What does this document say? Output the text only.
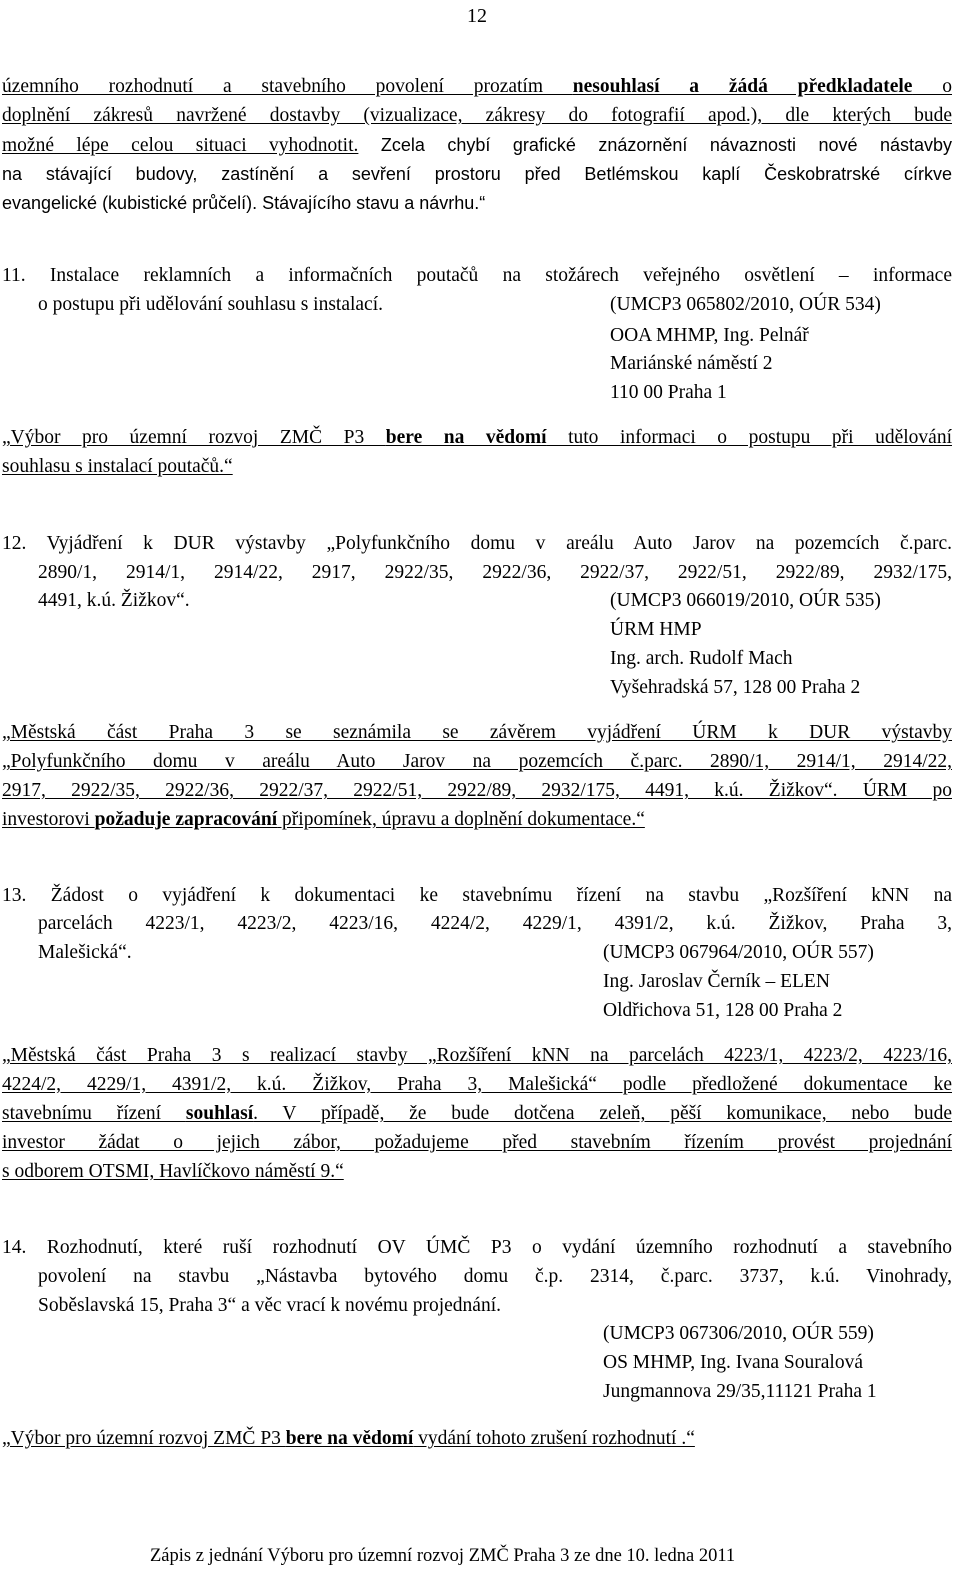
12
územního rozhodnutí a stavebního povolení prozatím nesouhlasí a žádá předkladatele o
doplnění zákresů navržené dostavby (vizualizace, zákresy do fotografií apod.), dle kterých bude
možné lépe celou situaci vyhodnotit. Zcela chybí grafické znázornění návaznosti nové nástavby
na stávající budovy, zastínění a sevření prostoru před Betlémskou kaplí Českobratrské církve
evangelické (kubistické průčelí). Stávajícího stavu a návrhu.“
11. Instalace reklamních a informačních poutačů na stožárech veřejného osvětlení – informace
o postupu při udělování souhlasu s instalací.	(UMCP3 065802/2010, OÚR 534)
OOA MHMP, Ing. Pelnář
Mariánské náměstí 2
110 00 Praha 1
„Výbor pro územní rozvoj ZMČ P3 bere na vědomí tuto informaci o postupu při udělování
souhlasu s instalací poutačů.“
12. Vyjádření k DUR výstavby „Polyfunkčního domu v areálu Auto Jarov na pozemcích č.parc.
2890/1, 2914/1, 2914/22, 2917, 2922/35, 2922/36, 2922/37, 2922/51, 2922/89, 2932/175,
4491, k.ú. Žižkov“.	(UMCP3 066019/2010, OÚR 535)
ÚRM HMP
Ing. arch. Rudolf Mach
Vyšehradská 57, 128 00 Praha 2
„Městská část Praha 3 se seznámila se závěrem vyjádření ÚRM k DUR výstavby
„Polyfunkčního domu v areálu Auto Jarov na pozemcích č.parc. 2890/1, 2914/1, 2914/22,
2917, 2922/35, 2922/36, 2922/37, 2922/51, 2922/89, 2932/175, 4491, k.ú. Žižkov“. ÚRM po
investorovi požaduje zapracování připomínek, úpravu a doplnění dokumentace.“
13. Žádost o vyjádření k dokumentaci ke stavebnímu řízení na stavbu „Rozšíření kNN na
parcelách 4223/1, 4223/2, 4223/16, 4224/2, 4229/1, 4391/2, k.ú. Žižkov, Praha 3,
Malešická“.	(UMCP3 067964/2010, OÚR 557)
Ing. Jaroslav Černík – ELEN
Oldřichova 51, 128 00 Praha 2
„Městská část Praha 3 s realizací stavby „Rozšíření kNN na parcelách 4223/1, 4223/2, 4223/16,
4224/2, 4229/1, 4391/2, k.ú. Žižkov, Praha 3, Malešická“ podle předložené dokumentace ke
stavebnímu řízení souhlasí. V případě, že bude dotčena zeleň, pěší komunikace, nebo bude
investor žádat o jejich zábor, požadujeme před stavebním řízením provést projednání
s odborem OTSMI, Havlíčkovo náměstí 9.“
14. Rozhodnutí, které ruší rozhodnutí OV ÚMČ P3 o vydání územního rozhodnutí a stavebního
povolení na stavbu „Nástavba bytového domu č.p. 2314, č.parc. 3737, k.ú. Vinohrady,
Soběslavská 15, Praha 3“ a věc vrací k novému projednání.
(UMCP3 067306/2010, OÚR 559)
OS MHMP, Ing. Ivana Souralová
Jungmannova 29/35,11121 Praha 1
„Výbor pro územní rozvoj ZMČ P3 bere na vědomí vydání tohoto zrušení rozhodnutí .“
Zápis z jednání Výboru pro územní rozvoj ZMČ Praha 3 ze dne 10. ledna 2011
